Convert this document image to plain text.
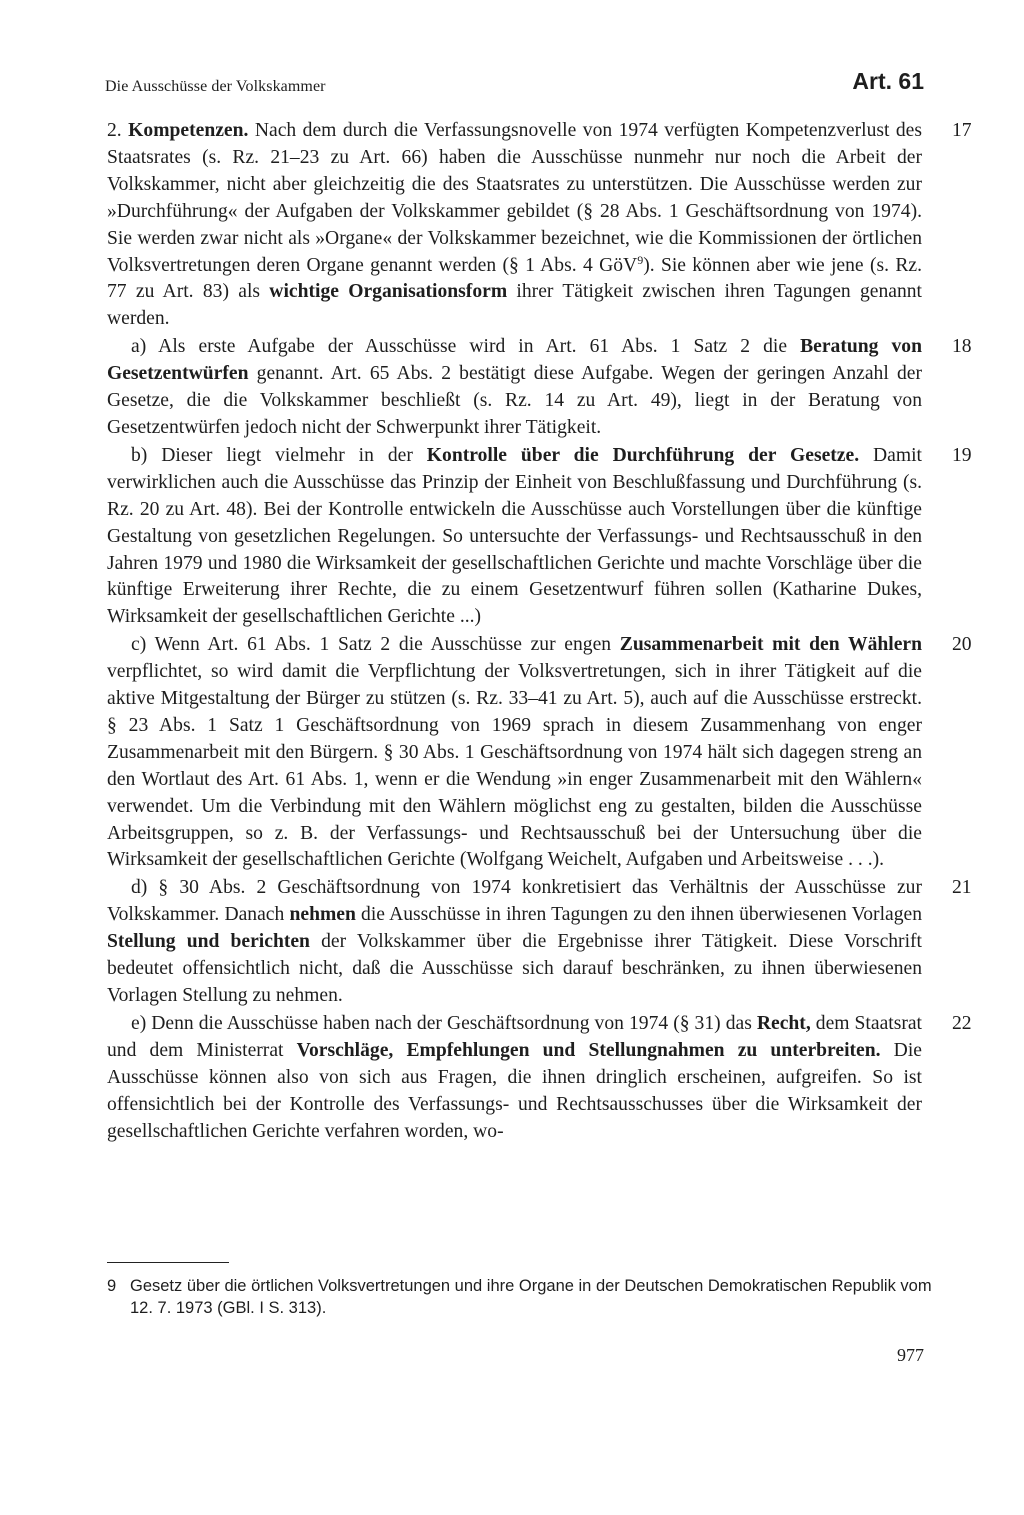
Die Ausschüsse der Volkskammer	Art. 61

17
2. Kompetenzen. Nach dem durch die Verfassungsnovelle von 1974 verfügten Kompetenzverlust des Staatsrates (s. Rz. 21–23 zu Art. 66) haben die Ausschüsse nunmehr nur noch die Arbeit der Volkskammer, nicht aber gleichzeitig die des Staatsrates zu unterstützen. Die Ausschüsse werden zur »Durchführung« der Aufgaben der Volkskammer gebildet (§ 28 Abs. 1 Geschäftsordnung von 1974). Sie werden zwar nicht als »Organe« der Volkskammer bezeichnet, wie die Kommissionen der örtlichen Volksvertretungen deren Organe genannt werden (§ 1 Abs. 4 GöV$^9$). Sie können aber wie jene (s. Rz. 77 zu Art. 83) als wichtige Organisationsform ihrer Tätigkeit zwischen ihren Tagungen genannt werden.

18
a) Als erste Aufgabe der Ausschüsse wird in Art. 61 Abs. 1 Satz 2 die Beratung von Gesetzentwürfen genannt. Art. 65 Abs. 2 bestätigt diese Aufgabe. Wegen der geringen Anzahl der Gesetze, die die Volkskammer beschließt (s. Rz. 14 zu Art. 49), liegt in der Beratung von Gesetzentwürfen jedoch nicht der Schwerpunkt ihrer Tätigkeit.

19
b) Dieser liegt vielmehr in der Kontrolle über die Durchführung der Gesetze. Damit verwirklichen auch die Ausschüsse das Prinzip der Einheit von Beschlußfassung und Durchführung (s. Rz. 20 zu Art. 48). Bei der Kontrolle entwickeln die Ausschüsse auch Vorstellungen über die künftige Gestaltung von gesetzlichen Regelungen. So untersuchte der Verfassungs- und Rechtsausschuß in den Jahren 1979 und 1980 die Wirksamkeit der gesellschaftlichen Gerichte und machte Vorschläge über die künftige Erweiterung ihrer Rechte, die zu einem Gesetzentwurf führen sollen (Katharine Dukes, Wirksamkeit der gesellschaftlichen Gerichte ...)

20
c) Wenn Art. 61 Abs. 1 Satz 2 die Ausschüsse zur engen Zusammenarbeit mit den Wählern verpflichtet, so wird damit die Verpflichtung der Volksvertretungen, sich in ihrer Tätigkeit auf die aktive Mitgestaltung der Bürger zu stützen (s. Rz. 33–41 zu Art. 5), auch auf die Ausschüsse erstreckt. § 23 Abs. 1 Satz 1 Geschäftsordnung von 1969 sprach in diesem Zusammenhang von enger Zusammenarbeit mit den Bürgern. § 30 Abs. 1 Geschäftsordnung von 1974 hält sich dagegen streng an den Wortlaut des Art. 61 Abs. 1, wenn er die Wendung »in enger Zusammenarbeit mit den Wählern« verwendet. Um die Verbindung mit den Wählern möglichst eng zu gestalten, bilden die Ausschüsse Arbeitsgruppen, so z. B. der Verfassungs- und Rechtsausschuß bei der Untersuchung über die Wirksamkeit der gesellschaftlichen Gerichte (Wolfgang Weichelt, Aufgaben und Arbeitsweise . . .).

21
d) § 30 Abs. 2 Geschäftsordnung von 1974 konkretisiert das Verhältnis der Ausschüsse zur Volkskammer. Danach nehmen die Ausschüsse in ihren Tagungen zu den ihnen überwiesenen Vorlagen Stellung und berichten der Volkskammer über die Ergebnisse ihrer Tätigkeit. Diese Vorschrift bedeutet offensichtlich nicht, daß die Ausschüsse sich darauf beschränken, zu ihnen überwiesenen Vorlagen Stellung zu nehmen.

22
e) Denn die Ausschüsse haben nach der Geschäftsordnung von 1974 (§ 31) das Recht, dem Staatsrat und dem Ministerrat Vorschläge, Empfehlungen und Stellungnahmen zu unterbreiten. Die Ausschüsse können also von sich aus Fragen, die ihnen dringlich erscheinen, aufgreifen. So ist offensichtlich bei der Kontrolle des Verfassungs- und Rechtsausschusses über die Wirksamkeit der gesellschaftlichen Gerichte verfahren worden, wo-

9 Gesetz über die örtlichen Volksvertretungen und ihre Organe in der Deutschen Demokratischen Republik vom 12. 7. 1973 (GBl. I S. 313).
977
